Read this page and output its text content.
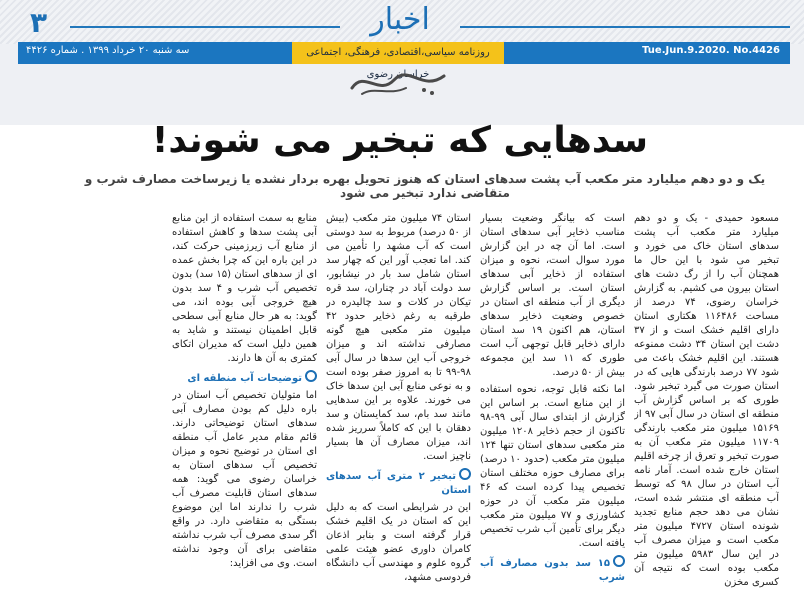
۳	اخبار
سه شنبه ۲۰ خرداد ۱۳۹۹ . شماره ۴۴۲۶	روزنامه سیاسی،اقتصادی، فرهنگی، اجتماعی خراسان رضوی
Tue.Jun.9.2020. No.4426
سدهایی که تبخیر می شوند!
یک و دو دهم میلیارد متر مکعب آب پشت سدهای استان که هنوز تحویل بهره بردار نشده یا زیرساخت مصارف شرب و متقاضی ندارد تبخیر می شود

مسعود حمیدی - یک و دو دهم میلیارد متر مکعب آب پشت سدهای استان خاک می خورد و تبخیر می شود با این حال ما همچنان آب را از رگ دشت های استان بیرون می کشیم. به گزارش خراسان رضوی، ۷۴ درصد از مساحت ۱۱۶۴۸۶ هکتاری استان دارای اقلیم خشک است و از ۳۷ دشت این استان ۳۴ دشت ممنوعه هستند. این اقلیم خشک باعث می شود ۷۷ درصد بارندگی هایی که در استان صورت می گیرد تبخیر شود. طوری که بر اساس گزارش آب منطقه ای استان در سال آبی ۹۷ از ۱۵۱۶۹ میلیون متر مکعب بارندگی ۱۱۷۰۹ میلیون متر مکعب آن به صورت تبخیر و تعرق از چرخه اقلیم استان خارج شده است. آمار نامه آب استان در سال ۹۸ که توسط آب منطقه ای منتشر شده است، نشان می دهد حجم منابع تجدید شونده استان ۴۷۲۷ میلیون متر مکعب است و میزان مصرف آب در این سال ۵۹۸۳ میلیون متر مکعب بوده است که نتیجه آن کسری مخزن

است که بیانگر وضعیت بسیار مناسب ذخایر آبی سدهای استان است. اما آن چه در این گزارش مورد سوال است، نحوه و میزان استفاده از ذخایر آبی سدهای استان است. بر اساس گزارش دیگری از آب منطقه ای استان در خصوص وضعیت ذخایر سدهای استان، هم اکنون ۱۹ سد استان دارای ذخایر قابل توجهی آب است طوری که ۱۱ سد این مجموعه بیش از ۵۰ درصد.

اما نکته قابل توجه، نحوه استفاده از این منابع است. بر اساس این گزارش از ابتدای سال آبی ۹۹-۹۸ تاکنون از حجم ذخایر ۱۲۰۸ میلیون متر مکعبی سدهای استان تنها ۱۲۴ میلیون متر مکعب (حدود ۱۰ درصد) برای مصارف حوزه مختلف استان تخصیص پیدا کرده است که ۴۶ میلیون متر مکعب آن در حوزه کشاورزی و ۷۷ میلیون متر مکعب دیگر برای تأمین آب شرب تخصیص یافته است.

۱۵ سد بدون مصارف آب شرب

استان ۷۴ میلیون متر مکعب (بیش از ۵۰ درصد) مربوط به سد دوستی است که آب مشهد را تأمین می کند. اما تعجب آور این که چهار سد استان شامل سد بار در نیشابور، سد دولت آباد در چناران، سد قره تیکان در کلات و سد چالیدره در طرقبه به رغم ذخایر حدود ۴۲ میلیون متر مکعبی هیچ گونه مصارفی نداشته اند و میزان خروجی آب این سدها در سال آبی ۹۸-۹۹ تا به امروز صفر بوده است و به نوعی منابع آبی این سدها خاک می خورند. علاوه بر این سدهایی مانند سد بام، سد کمایستان و سد دهقان با این که کاملاً سرریز شده اند، میزان مصارف آن ها بسیار ناچیز است.

تبخیر ۲ متری آب سدهای استان

این در شرایطی است که به دلیل این که استان در یک اقلیم خشک قرار گرفته است و بنابر اذعان کامران داوری عضو هیئت علمی گروه علوم و مهندسی آب دانشگاه فردوسی مشهد،

منابع به سمت استفاده از این منابع آبی پشت سدها و کاهش استفاده از منابع آب زیرزمینی حرکت کند، در این باره این که چرا بخش عمده ای از سدهای استان (۱۵ سد) بدون تخصیص آب شرب و ۴ سد بدون هیچ خروجی آبی بوده اند، می گوید: به هر حال منابع آبی سطحی قابل اطمینان نیستند و شاید به همین دلیل است که مدیران اتکای کمتری به آن ها دارند.

توضیحات آب منطقه ای

اما متولیان تخصیص آب استان در باره دلیل کم بودن مصارف آبی سدهای استان توضیحاتی دارند. قائم مقام مدیر عامل آب منطقه ای استان در توضیح نحوه و میزان تخصیص آب سدهای استان به خراسان رضوی می گوید: همه سدهای استان قابلیت مصرف آب شرب را ندارند اما این موضوع بستگی به متقاضی دارد. در واقع اگر سدی مصرف آب شرب نداشته متقاضی برای آن وجود نداشته است. وی می افزاید:
